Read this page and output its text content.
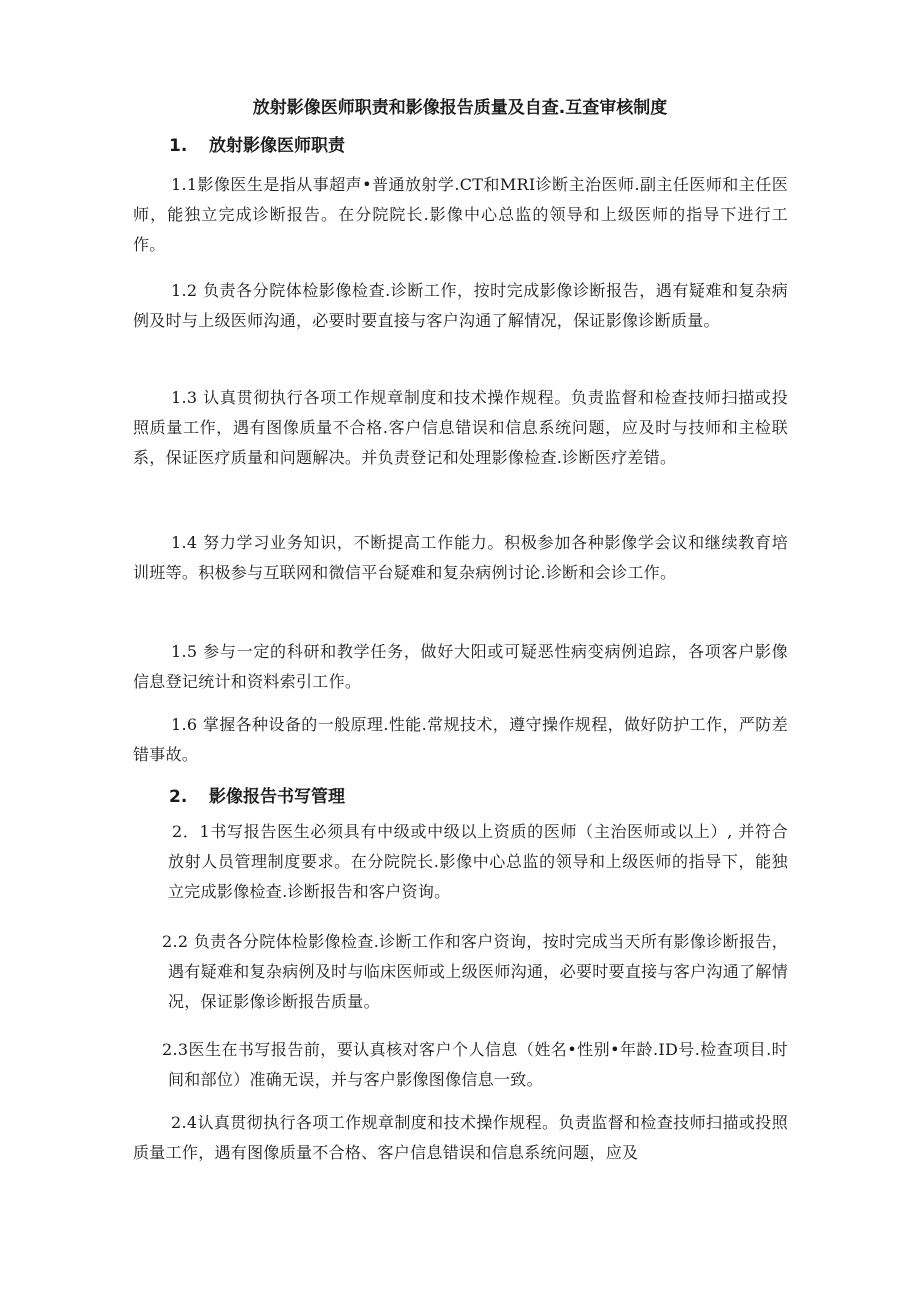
放射影像医师职责和影像报告质量及自查.互查审核制度
1. 放射影像医师职责

1.1影像医生是指从事超声•普通放射学.CT和MRI诊断主治医师.副主任医师和主任医师，能独立完成诊断报告。在分院院长.影像中心总监的领导和上级医师的指导下进行工作。

1.2 负责各分院体检影像检查.诊断工作，按时完成影像诊断报告，遇有疑难和复杂病例及时与上级医师沟通，必要时要直接与客户沟通了解情况，保证影像诊断质量。

1.3 认真贯彻执行各项工作规章制度和技术操作规程。负责监督和检查技师扫描或投照质量工作，遇有图像质量不合格.客户信息错误和信息系统问题，应及时与技师和主检联系，保证医疗质量和问题解决。并负责登记和处理影像检查.诊断医疗差错。

1.4 努力学习业务知识，不断提高工作能力。积极参加各种影像学会议和继续教育培训班等。积极参与互联网和微信平台疑难和复杂病例讨论.诊断和会诊工作。

1.5 参与一定的科研和教学任务，做好大阳或可疑恶性病变病例追踪，各项客户影像信息登记统计和资料索引工作。

1.6 掌握各种设备的一般原理.性能.常规技术，遵守操作规程，做好防护工作，严防差错事故。

2. 影像报告书写管理

2．1书写报告医生必须具有中级或中级以上资质的医师（主治医师或以上）, 并符合放射人员管理制度要求。在分院院长.影像中心总监的领导和上级医师的指导下，能独立完成影像检查.诊断报告和客户资询。

2.2 负责各分院体检影像检查.诊断工作和客户资询，按时完成当天所有影像诊断报告，遇有疑难和复杂病例及时与临床医师或上级医师沟通，必要时要直接与客户沟通了解情况，保证影像诊断报告质量。

2.3医生在书写报告前，要认真核对客户个人信息（姓名•性别•年龄.ID号.检查项目.时间和部位）准确无误，并与客户影像图像信息一致。

2.4认真贯彻执行各项工作规章制度和技术操作规程。负责监督和检查技师扫描或投照质量工作，遇有图像质量不合格、客户信息错误和信息系统问题，应及
